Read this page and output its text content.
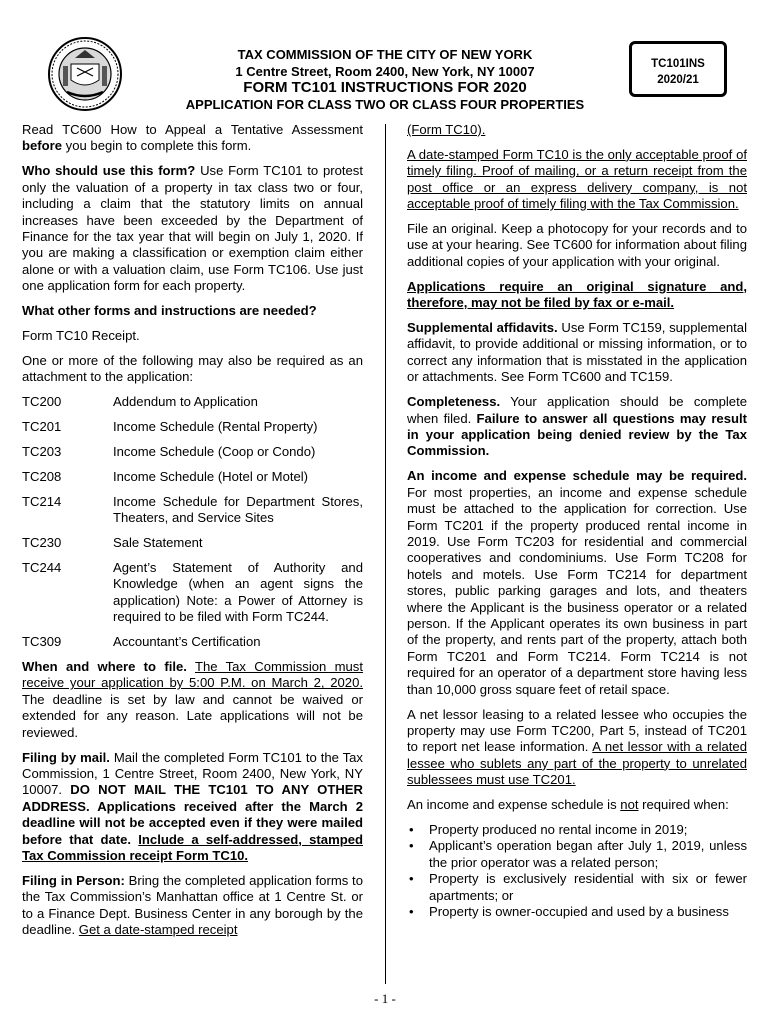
TAX COMMISSION OF THE CITY OF NEW YORK
1 Centre Street, Room 2400, New York, NY 10007
FORM TC101 INSTRUCTIONS FOR 2020
APPLICATION FOR CLASS TWO OR CLASS FOUR PROPERTIES
TC101INS
2020/21

Read TC600 How to Appeal a Tentative Assessment before you begin to complete this form.

Who should use this form? Use Form TC101 to protest only the valuation of a property in tax class two or four, including a claim that the statutory limits on annual increases have been exceeded by the Department of Finance for the tax year that will begin on July 1, 2020. If you are making a classification or exemption claim either alone or with a valuation claim, use Form TC106. Use just one application form for each property.

What other forms and instructions are needed?

Form TC10 Receipt.

One or more of the following may also be required as an attachment to the application:

TC200	Addendum to Application
TC201	Income Schedule (Rental Property)
TC203	Income Schedule (Coop or Condo)
TC208	Income Schedule (Hotel or Motel)
TC214	Income Schedule for Department Stores, Theaters, and Service Sites
TC230	Sale Statement
TC244	Agent’s Statement of Authority and Knowledge (when an agent signs the application) Note: a Power of Attorney is required to be filed with Form TC244.
TC309	Accountant’s Certification

When and where to file. The Tax Commission must receive your application by 5:00 P.M. on March 2, 2020. The deadline is set by law and cannot be waived or extended for any reason. Late applications will not be reviewed.

Filing by mail. Mail the completed Form TC101 to the Tax Commission, 1 Centre Street, Room 2400, New York, NY 10007. DO NOT MAIL THE TC101 TO ANY OTHER ADDRESS. Applications received after the March 2 deadline will not be accepted even if they were mailed before that date. Include a self-addressed, stamped Tax Commission receipt Form TC10.

Filing in Person: Bring the completed application forms to the Tax Commission’s Manhattan office at 1 Centre St. or to a Finance Dept. Business Center in any borough by the deadline. Get a date-stamped receipt

(Form TC10).

A date-stamped Form TC10 is the only acceptable proof of timely filing. Proof of mailing, or a return receipt from the post office or an express delivery company, is not acceptable proof of timely filing with the Tax Commission.

File an original. Keep a photocopy for your records and to use at your hearing. See TC600 for information about filing additional copies of your application with your original.

Applications require an original signature and, therefore, may not be filed by fax or e-mail.

Supplemental affidavits. Use Form TC159, supplemental affidavit, to provide additional or missing information, or to correct any information that is misstated in the application or attachments. See Form TC600 and TC159.

Completeness. Your application should be complete when filed. Failure to answer all questions may result in your application being denied review by the Tax Commission.

An income and expense schedule may be required. For most properties, an income and expense schedule must be attached to the application for correction. Use Form TC201 if the property produced rental income in 2019. Use Form TC203 for residential and commercial cooperatives and condominiums. Use Form TC208 for hotels and motels. Use Form TC214 for department stores, public parking garages and lots, and theaters where the Applicant is the business operator or a related person. If the Applicant operates its own business in part of the property, and rents part of the property, attach both Form TC201 and Form TC214. Form TC214 is not required for an operator of a department store having less than 10,000 gross square feet of retail space.

A net lessor leasing to a related lessee who occupies the property may use Form TC200, Part 5, instead of TC201 to report net lease information. A net lessor with a related lessee who sublets any part of the property to unrelated sublessees must use TC201.

An income and expense schedule is not required when:

• Property produced no rental income in 2019;
• Applicant’s operation began after July 1, 2019, unless the prior operator was a related person;
• Property is exclusively residential with six or fewer apartments; or
• Property is owner-occupied and used by a business
- 1 -
